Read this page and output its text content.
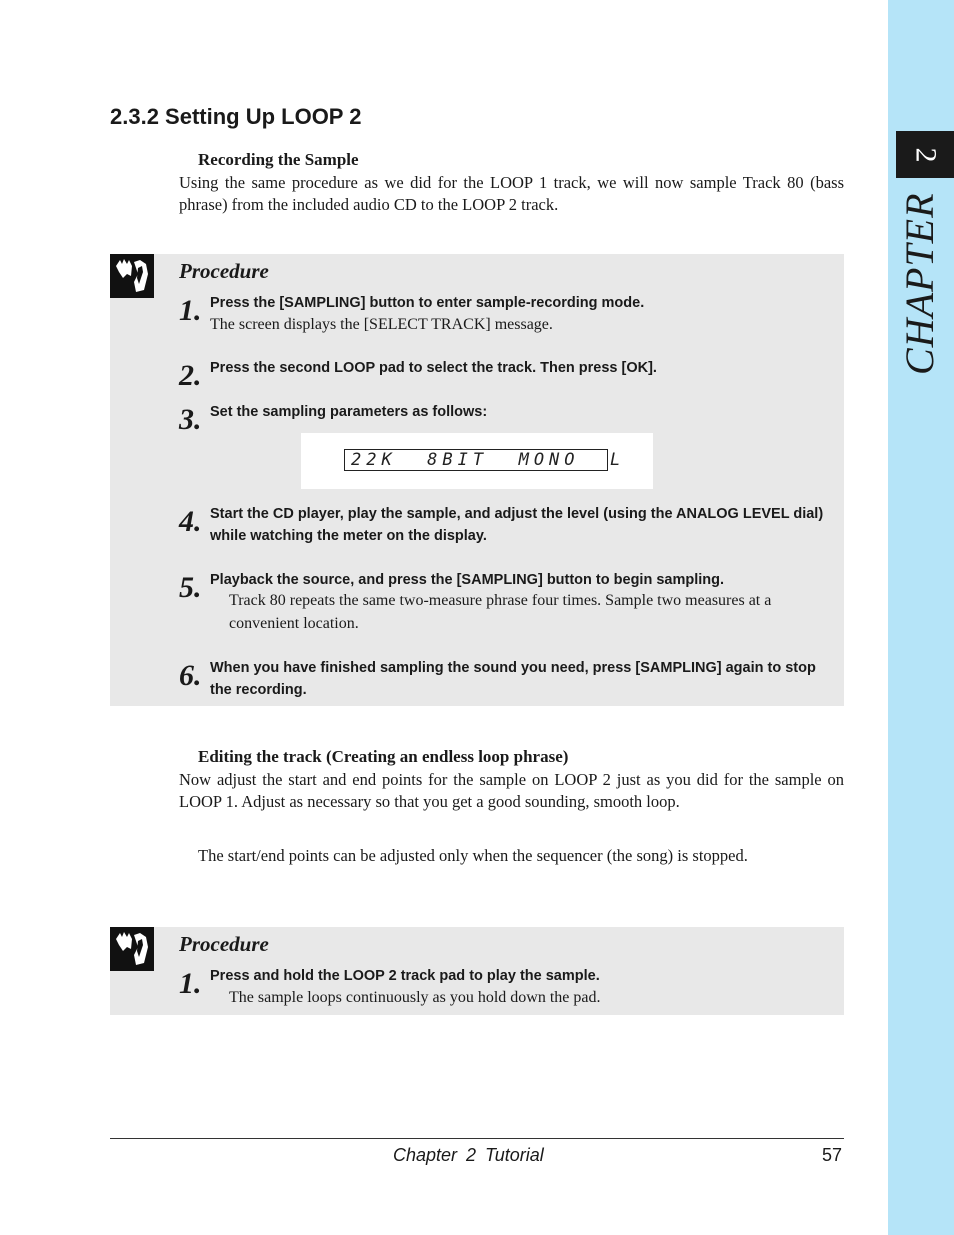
2
CHAPTER
2.3.2 Setting Up LOOP 2
Recording the Sample

Using the same procedure as we did for the LOOP 1 track, we will now sample Track 80 (bass phrase) from the included audio CD to the LOOP 2 track.

Procedure
1. Press the [SAMPLING] button to enter sample-recording mode.

The screen displays the [SELECT TRACK] message.

2. Press the second LOOP pad to select the track. Then press [OK].

3. Set the sampling parameters as follows:

22K  8BIT  MONO  L
4. Start the CD player, play the sample, and adjust the level (using the ANALOG LEVEL dial) while watching the meter on the display.

5. Playback the source, and press the [SAMPLING] button to begin sampling.

Track 80 repeats the same two-measure phrase four times. Sample two measures at a convenient location.

6. When you have finished sampling the sound you need, press [SAMPLING] again to stop the recording.

Editing the track (Creating an endless loop phrase)

Now adjust the start and end points for the sample on LOOP 2 just as you did for the sample on LOOP 1. Adjust as necessary so that you get a good sounding, smooth loop.

The start/end points can be adjusted only when the sequencer (the song) is stopped.

Procedure
1. Press and hold the LOOP 2 track pad to play the sample.

The sample loops continuously as you hold down the pad.

Chapter 2 Tutorial	57
